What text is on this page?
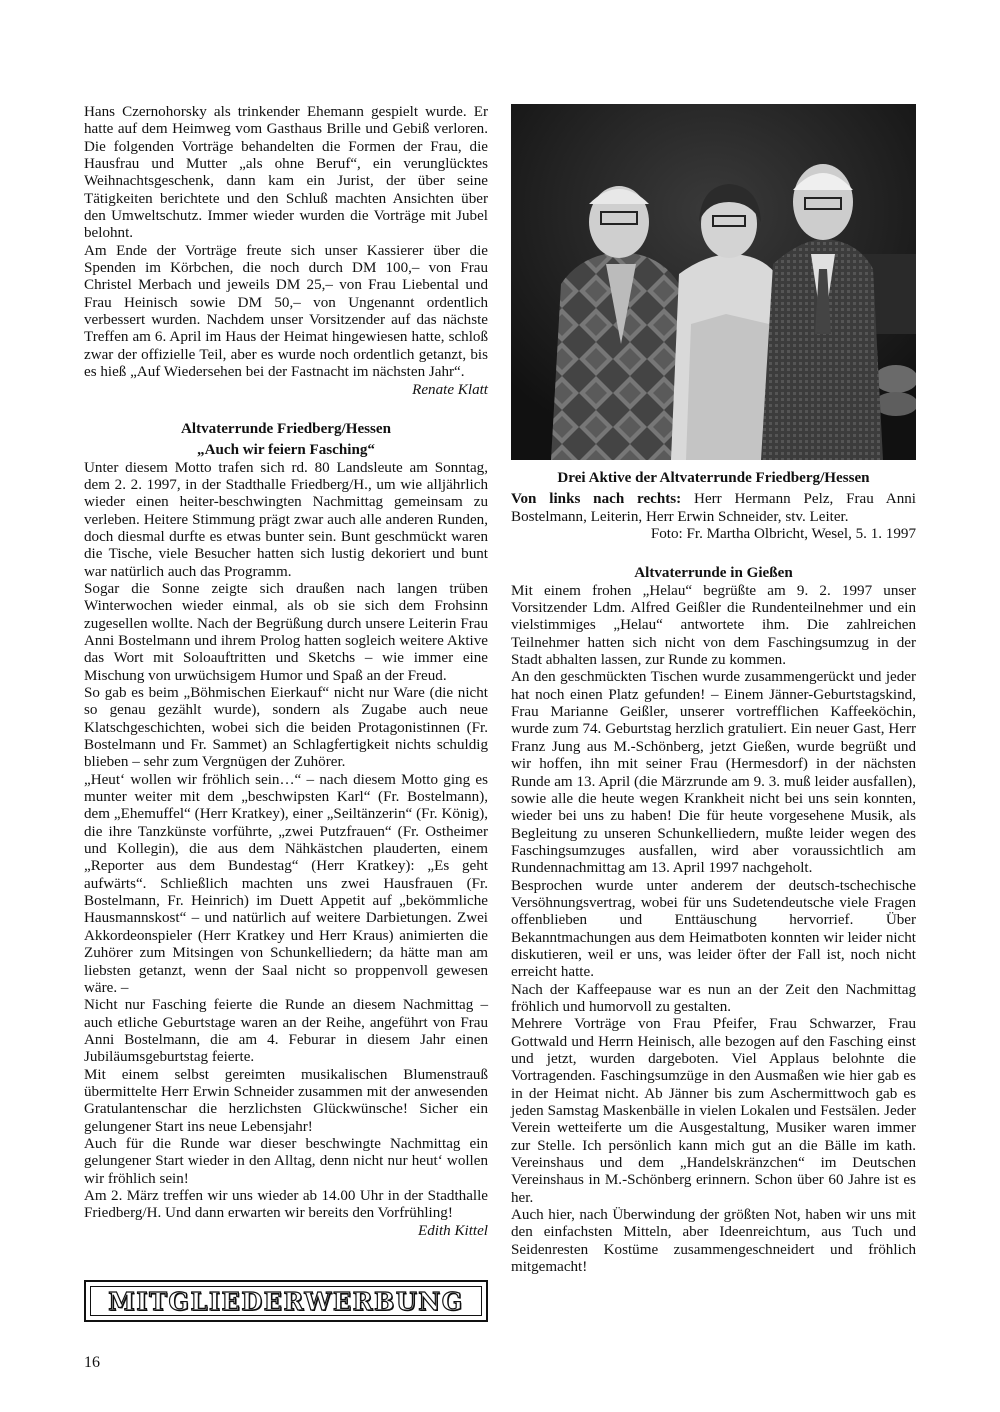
Hans Czernohorsky als trinkender Ehemann gespielt wurde. Er hatte auf dem Heimweg vom Gasthaus Brille und Gebiß verloren. Die folgenden Vorträge behandelten die Formen der Frau, die Hausfrau und Mutter „als ohne Beruf“, ein verunglücktes Weihnachtsgeschenk, dann kam ein Jurist, der über seine Tätigkeiten berichtete und den Schluß machten Ansichten über den Umweltschutz. Immer wieder wurden die Vorträge mit Jubel belohnt.

Am Ende der Vorträge freute sich unser Kassierer über die Spenden im Körbchen, die noch durch DM 100,– von Frau Christel Merbach und jeweils DM 25,– von Frau Liebental und Frau Heinisch sowie DM 50,– von Ungenannt ordentlich verbessert wurden. Nachdem unser Vorsitzender auf das nächste Treffen am 6. April im Haus der Heimat hingewiesen hatte, schloß zwar der offizielle Teil, aber es wurde noch ordentlich getanzt, bis es hieß „Auf Wiedersehen bei der Fastnacht im nächsten Jahr“.

Renate Klatt

Altvaterrunde Friedberg/Hessen

„Auch wir feiern Fasching“

Unter diesem Motto trafen sich rd. 80 Landsleute am Sonntag, dem 2. 2. 1997, in der Stadthalle Friedberg/H., um wie alljährlich wieder einen heiter-beschwingten Nachmittag gemeinsam zu verleben. Heitere Stimmung prägt zwar auch alle anderen Runden, doch diesmal durfte es etwas bunter sein. Bunt geschmückt waren die Tische, viele Besucher hatten sich lustig dekoriert und bunt war natürlich auch das Programm.

Sogar die Sonne zeigte sich draußen nach langen trüben Winterwochen wieder einmal, als ob sie sich dem Frohsinn zugesellen wollte. Nach der Begrüßung durch unsere Leiterin Frau Anni Bostelmann und ihrem Prolog hatten sogleich weitere Aktive das Wort mit Soloauftritten und Sketchs – wie immer eine Mischung von urwüchsigem Humor und Spaß an der Freud.

So gab es beim „Böhmischen Eierkauf“ nicht nur Ware (die nicht so genau gezählt wurde), sondern als Zugabe auch neue Klatschgeschichten, wobei sich die beiden Protagonistinnen (Fr. Bostelmann und Fr. Sammet) an Schlagfertigkeit nichts schuldig blieben – sehr zum Vergnügen der Zuhörer.

„Heut‘ wollen wir fröhlich sein…“ – nach diesem Motto ging es munter weiter mit dem „beschwipsten Karl“ (Fr. Bostelmann), dem „Ehemuffel“ (Herr Kratkey), einer „Seiltänzerin“ (Fr. König), die ihre Tanzkünste vorführte, „zwei Putzfrauen“ (Fr. Ostheimer und Kollegin), die aus dem Nähkästchen plauderten, einem „Reporter aus dem Bundestag“ (Herr Kratkey): „Es geht aufwärts“. Schließlich machten uns zwei Hausfrauen (Fr. Bostelmann, Fr. Heinrich) im Duett Appetit auf „bekömmliche Hausmannskost“ – und natürlich auf weitere Darbietungen. Zwei Akkordeonspieler (Herr Kratkey und Herr Kraus) animierten die Zuhörer zum Mitsingen von Schunkelliedern; da hätte man am liebsten getanzt, wenn der Saal nicht so proppenvoll gewesen wäre. –

Nicht nur Fasching feierte die Runde an diesem Nachmittag – auch etliche Geburtstage waren an der Reihe, angeführt von Frau Anni Bostelmann, die am 4. Feburar in diesem Jahr einen Jubiläumsgeburtstag feierte.

Mit einem selbst gereimten musikalischen Blumenstrauß übermittelte Herr Erwin Schneider zusammen mit der anwesenden Gratulantenschar die herzlichsten Glückwünsche! Sicher ein gelungener Start ins neue Lebensjahr!

Auch für die Runde war dieser beschwingte Nachmittag ein gelungener Start wieder in den Alltag, denn nicht nur heut‘ wollen wir fröhlich sein!

Am 2. März treffen wir uns wieder ab 14.00 Uhr in der Stadthalle Friedberg/H. Und dann erwarten wir bereits den Vorfrühling!

Edith Kittel

MITGLIEDERWERBUNG

Drei Aktive der Altvaterrunde Friedberg/Hessen

Von links nach rechts: Herr Hermann Pelz, Frau Anni Bostelmann, Leiterin, Herr Erwin Schneider, stv. Leiter.

Foto: Fr. Martha Olbricht, Wesel, 5. 1. 1997

Altvaterrunde in Gießen

Mit einem frohen „Helau“ begrüßte am 9. 2. 1997 unser Vorsitzender Ldm. Alfred Geißler die Rundenteilnehmer und ein vielstimmiges „Helau“ antwortete ihm. Die zahlreichen Teilnehmer hatten sich nicht von dem Faschingsumzug in der Stadt abhalten lassen, zur Runde zu kommen.

An den geschmückten Tischen wurde zusammengerückt und jeder hat noch einen Platz gefunden! – Einem Jänner-Geburtstagskind, Frau Marianne Geißler, unserer vortrefflichen Kaffeeköchin, wurde zum 74. Geburtstag herzlich gratuliert. Ein neuer Gast, Herr Franz Jung aus M.-Schönberg, jetzt Gießen, wurde begrüßt und wir hoffen, ihn mit seiner Frau (Hermesdorf) in der nächsten Runde am 13. April (die Märzrunde am 9. 3. muß leider ausfallen), sowie alle die heute wegen Krankheit nicht bei uns sein konnten, wieder bei uns zu haben! Die für heute vorgesehene Musik, als Begleitung zu unseren Schunkelliedern, mußte leider wegen des Faschingsumzuges ausfallen, wird aber voraussichtlich am Rundennachmittag am 13. April 1997 nachgeholt.

Besprochen wurde unter anderem der deutsch-tschechische Versöhnungsvertrag, wobei für uns Sudetendeutsche viele Fragen offenblieben und Enttäuschung hervorrief. Über Bekanntmachungen aus dem Heimatboten konnten wir leider nicht diskutieren, weil er uns, was leider öfter der Fall ist, noch nicht erreicht hatte.

Nach der Kaffeepause war es nun an der Zeit den Nachmittag fröhlich und humorvoll zu gestalten.

Mehrere Vorträge von Frau Pfeifer, Frau Schwarzer, Frau Gottwald und Herrn Heinisch, alle bezogen auf den Fasching einst und jetzt, wurden dargeboten. Viel Applaus belohnte die Vortragenden. Faschingsumzüge in den Ausmaßen wie hier gab es in der Heimat nicht. Ab Jänner bis zum Aschermittwoch gab es jeden Samstag Maskenbälle in vielen Lokalen und Festsälen. Jeder Verein wetteiferte um die Ausgestaltung, Musiker waren immer zur Stelle. Ich persönlich kann mich gut an die Bälle im kath. Vereinshaus und dem „Handelskränzchen“ im Deutschen Vereinshaus in M.-Schönberg erinnern. Schon über 60 Jahre ist es her.

Auch hier, nach Überwindung der größten Not, haben wir uns mit den einfachsten Mitteln, aber Ideenreichtum, aus Tuch und Seidenresten Kostüme zusammengeschneidert und fröhlich mitgemacht!

16
